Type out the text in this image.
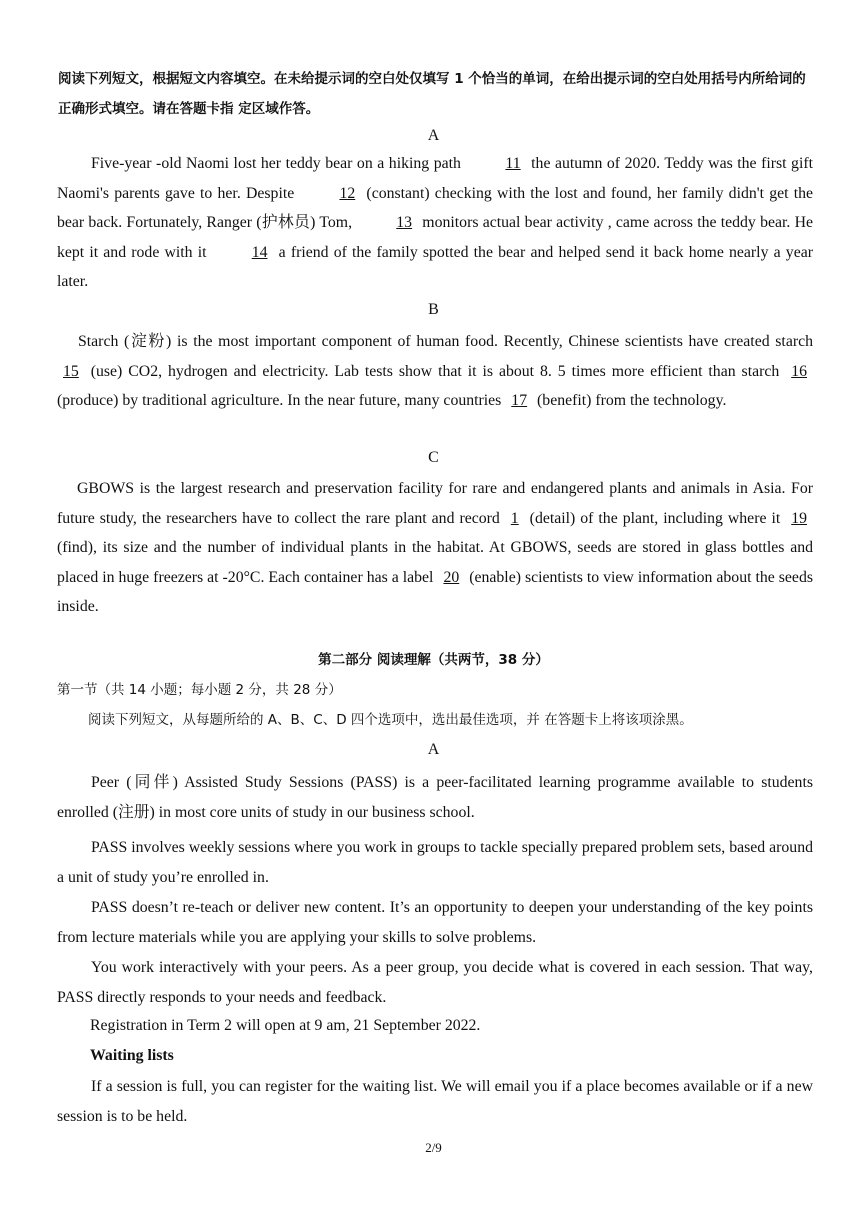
阅读下列短文，根据短文内容填空。在未给提示词的空白处仅填写 1 个恰当的单词，在给出提示词的空白处用括号内所给词的正确形式填空。请在答题卡指 定区域作答。
A
Five-year -old Naomi lost her teddy bear on a hiking path	11 the autumn of 2020. Teddy was the first gift Naomi's parents gave to her. Despite	12 (constant) checking with the lost and found, her family didn't get the bear back. Fortunately, Ranger (护林员) Tom,	13 monitors actual bear activity , came across the teddy bear. He kept it and rode with it	14 a friend of the family spotted the bear and helped send it back home nearly a year later.
B
Starch (淀粉) is the most important component of human food. Recently, Chinese scientists have created starch 15 (use) CO2, hydrogen and electricity. Lab tests show that it is about 8. 5 times more efficient than starch 16 (produce) by traditional agriculture. In the near future, many countries 17 (benefit) from the technology.
C
GBOWS is the largest research and preservation facility for rare and endangered plants and animals in Asia. For future study, the researchers have to collect the rare plant and record 1 (detail) of the plant, including where it 19 (find), its size and the number of individual plants in the habitat. At GBOWS, seeds are stored in glass bottles and placed in huge freezers at -20°C. Each container has a label 20 (enable) scientists to view information about the seeds inside.
第二部分 阅读理解（共两节，38 分）
第一节（共 14 小题；每小题 2 分，共 28 分）
阅读下列短文，从每题所给的 A、B、C、D 四个选项中，选出最佳选项，并 在答题卡上将该项涂黑。
A
Peer (同伴) Assisted Study Sessions (PASS) is a peer-facilitated learning programme available to students enrolled (注册) in most core units of study in our business school.
PASS involves weekly sessions where you work in groups to tackle specially prepared problem sets, based around a unit of study you’re enrolled in.
PASS doesn’t re-teach or deliver new content. It’s an opportunity to deepen your understanding of the key points from lecture materials while you are applying your skills to solve problems.
You work interactively with your peers. As a peer group, you decide what is covered in each session. That way, PASS directly responds to your needs and feedback.
Registration in Term 2 will open at 9 am, 21 September 2022.
Waiting lists
If a session is full, you can register for the waiting list. We will email you if a place becomes available or if a new session is to be held.
2/9
